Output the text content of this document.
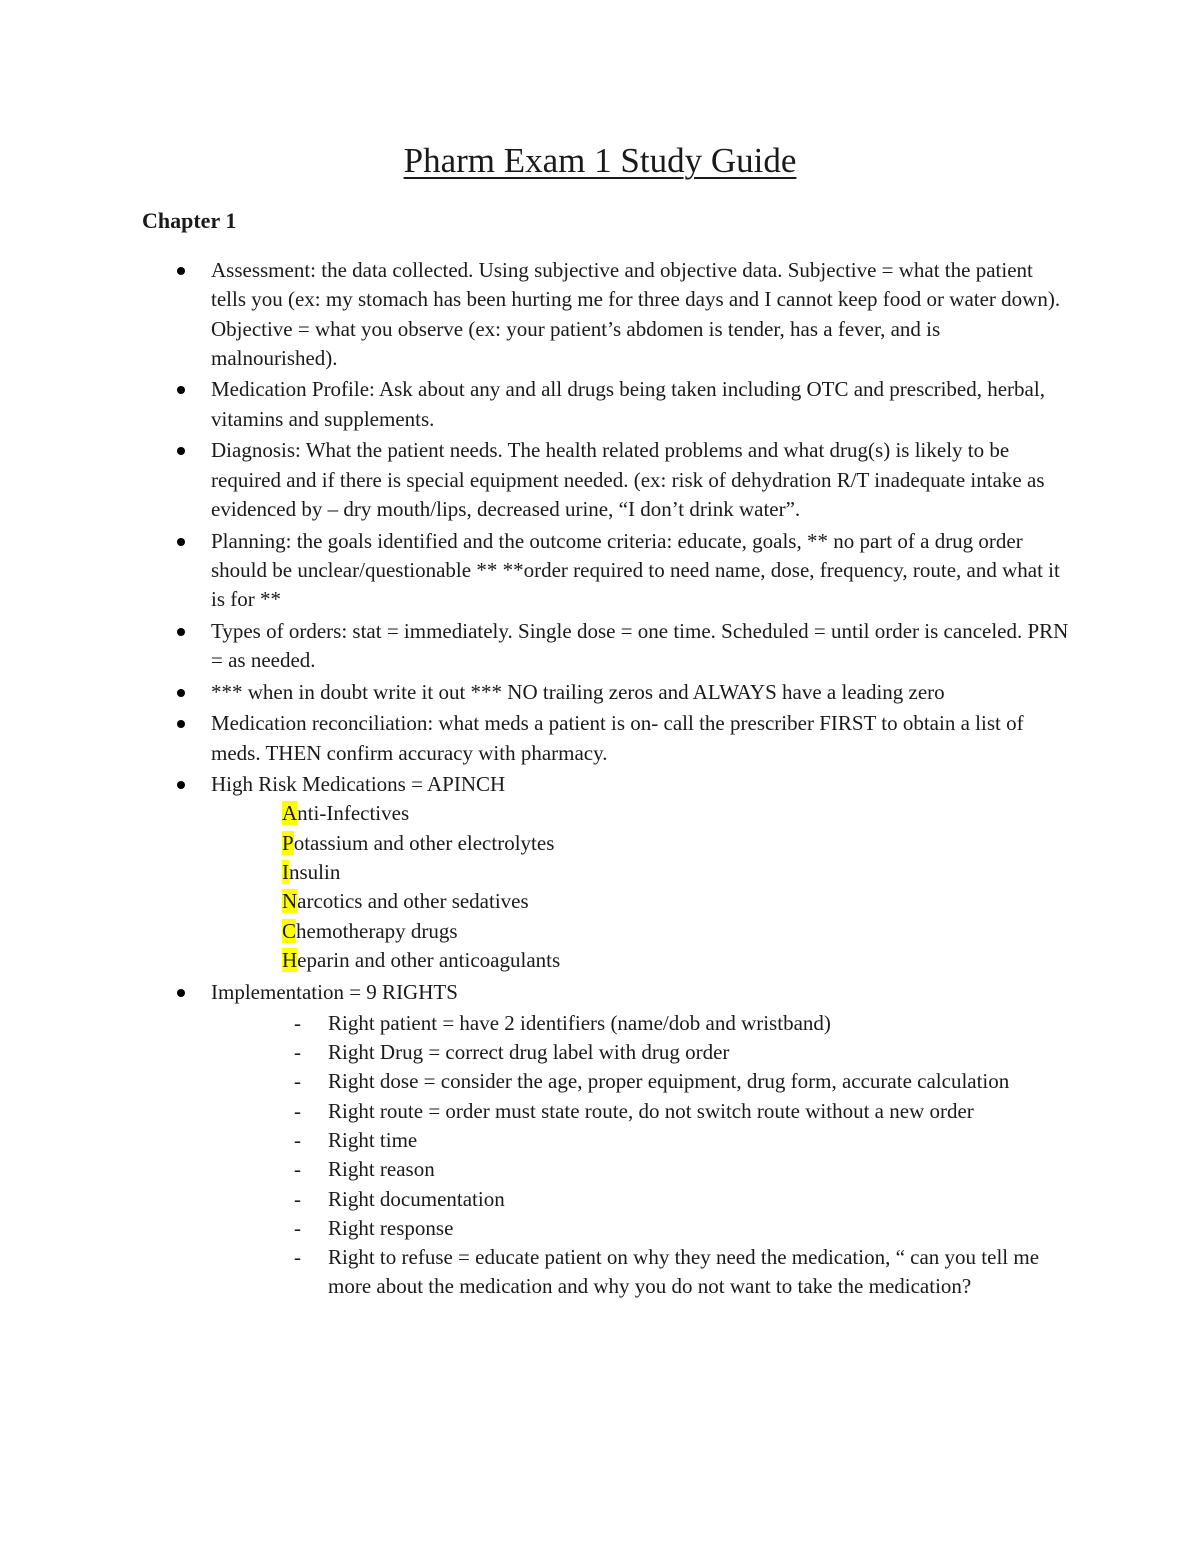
Pharm Exam 1 Study Guide
Chapter 1
Assessment: the data collected. Using subjective and objective data. Subjective = what the patient tells you (ex: my stomach has been hurting me for three days and I cannot keep food or water down). Objective = what you observe (ex: your patient’s abdomen is tender, has a fever, and is malnourished).
Medication Profile: Ask about any and all drugs being taken including OTC and prescribed, herbal, vitamins and supplements.
Diagnosis: What the patient needs. The health related problems and what drug(s) is likely to be required and if there is special equipment needed. (ex: risk of dehydration R/T inadequate intake as evidenced by – dry mouth/lips, decreased urine, “I don’t drink water”.
Planning: the goals identified and the outcome criteria: educate, goals, ** no part of a drug order should be unclear/questionable ** **order required to need name, dose, frequency, route, and what it is for **
Types of orders: stat = immediately. Single dose = one time. Scheduled = until order is canceled. PRN = as needed.
*** when in doubt write it out *** NO trailing zeros and ALWAYS have a leading zero
Medication reconciliation: what meds a patient is on- call the prescriber FIRST to obtain a list of meds. THEN confirm accuracy with pharmacy.
High Risk Medications = APINCH
Anti-Infectives
Potassium and other electrolytes
Insulin
Narcotics and other sedatives
Chemotherapy drugs
Heparin and other anticoagulants
Implementation = 9 RIGHTS
- Right patient = have 2 identifiers (name/dob and wristband)
- Right Drug = correct drug label with drug order
- Right dose = consider the age, proper equipment, drug form, accurate calculation
- Right route = order must state route, do not switch route without a new order
- Right time
- Right reason
- Right documentation
- Right response
- Right to refuse = educate patient on why they need the medication, “ can you tell me more about the medication and why you do not want to take the medication?
